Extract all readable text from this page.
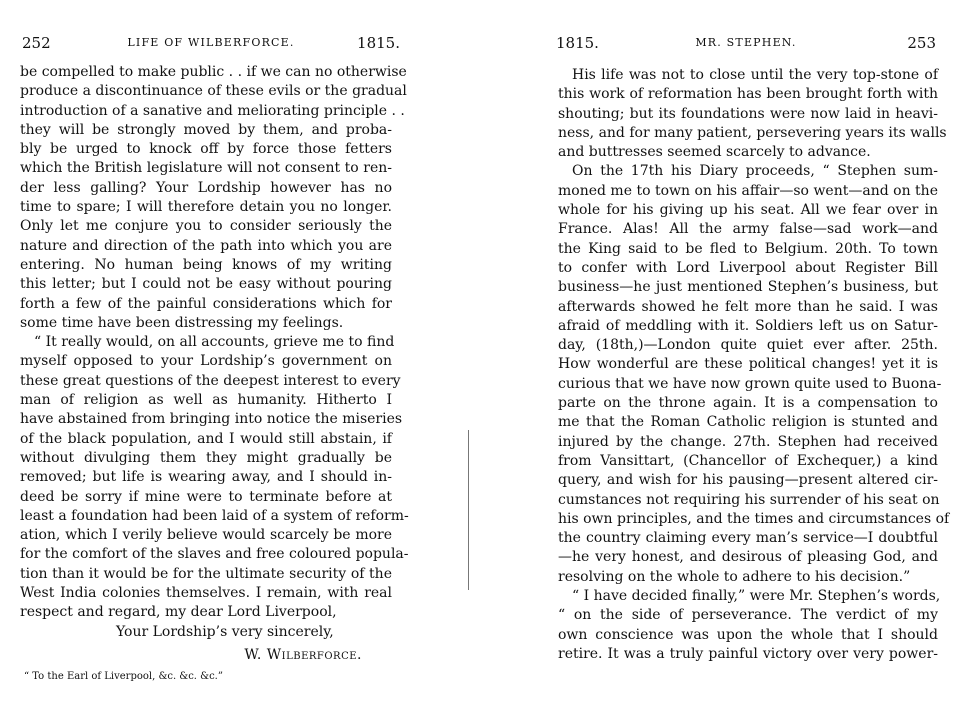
252	LIFE OF WILBERFORCE.	1815.
be compelled to make public . . if we can no otherwise
produce a discontinuance of these evils or the gradual
introduction of a sanative and meliorating principle . .
they will be strongly moved by them, and proba-
bly be urged to knock off by force those fetters
which the British legislature will not consent to ren-
der less galling? Your Lordship however has no
time to spare; I will therefore detain you no longer.
Only let me conjure you to consider seriously the
nature and direction of the path into which you are
entering. No human being knows of my writing
this letter; but I could not be easy without pouring
forth a few of the painful considerations which for
some time have been distressing my feelings.
“ It really would, on all accounts, grieve me to find
myself opposed to your Lordship’s government on
these great questions of the deepest interest to every
man of religion as well as humanity. Hitherto I
have abstained from bringing into notice the miseries
of the black population, and I would still abstain, if
without divulging them they might gradually be
removed; but life is wearing away, and I should in-
deed be sorry if mine were to terminate before at
least a foundation had been laid of a system of reform-
ation, which I verily believe would scarcely be more
for the comfort of the slaves and free coloured popula-
tion than it would be for the ultimate security of the
West India colonies themselves. I remain, with real
respect and regard, my dear Lord Liverpool,
Your Lordship’s very sincerely,
W. Wilberforce.
“ To the Earl of Liverpool, &c. &c. &c.”
1815.	MR. STEPHEN.	253
His life was not to close until the very top-stone of
this work of reformation has been brought forth with
shouting; but its foundations were now laid in heavi-
ness, and for many patient, persevering years its walls
and buttresses seemed scarcely to advance.
On the 17th his Diary proceeds, “ Stephen sum-
moned me to town on his affair—so went—and on the
whole for his giving up his seat. All we fear over in
France. Alas! All the army false—sad work—and
the King said to be fled to Belgium. 20th. To town
to confer with Lord Liverpool about Register Bill
business—he just mentioned Stephen’s business, but
afterwards showed he felt more than he said. I was
afraid of meddling with it. Soldiers left us on Satur-
day, (18th,)—London quite quiet ever after. 25th.
How wonderful are these political changes! yet it is
curious that we have now grown quite used to Buona-
parte on the throne again. It is a compensation to
me that the Roman Catholic religion is stunted and
injured by the change. 27th. Stephen had received
from Vansittart, (Chancellor of Exchequer,) a kind
query, and wish for his pausing—present altered cir-
cumstances not requiring his surrender of his seat on
his own principles, and the times and circumstances of
the country claiming every man’s service—I doubtful
—he very honest, and desirous of pleasing God, and
resolving on the whole to adhere to his decision.”
“ I have decided finally,” were Mr. Stephen’s words,
“ on the side of perseverance. The verdict of my
own conscience was upon the whole that I should
retire. It was a truly painful victory over very power-
